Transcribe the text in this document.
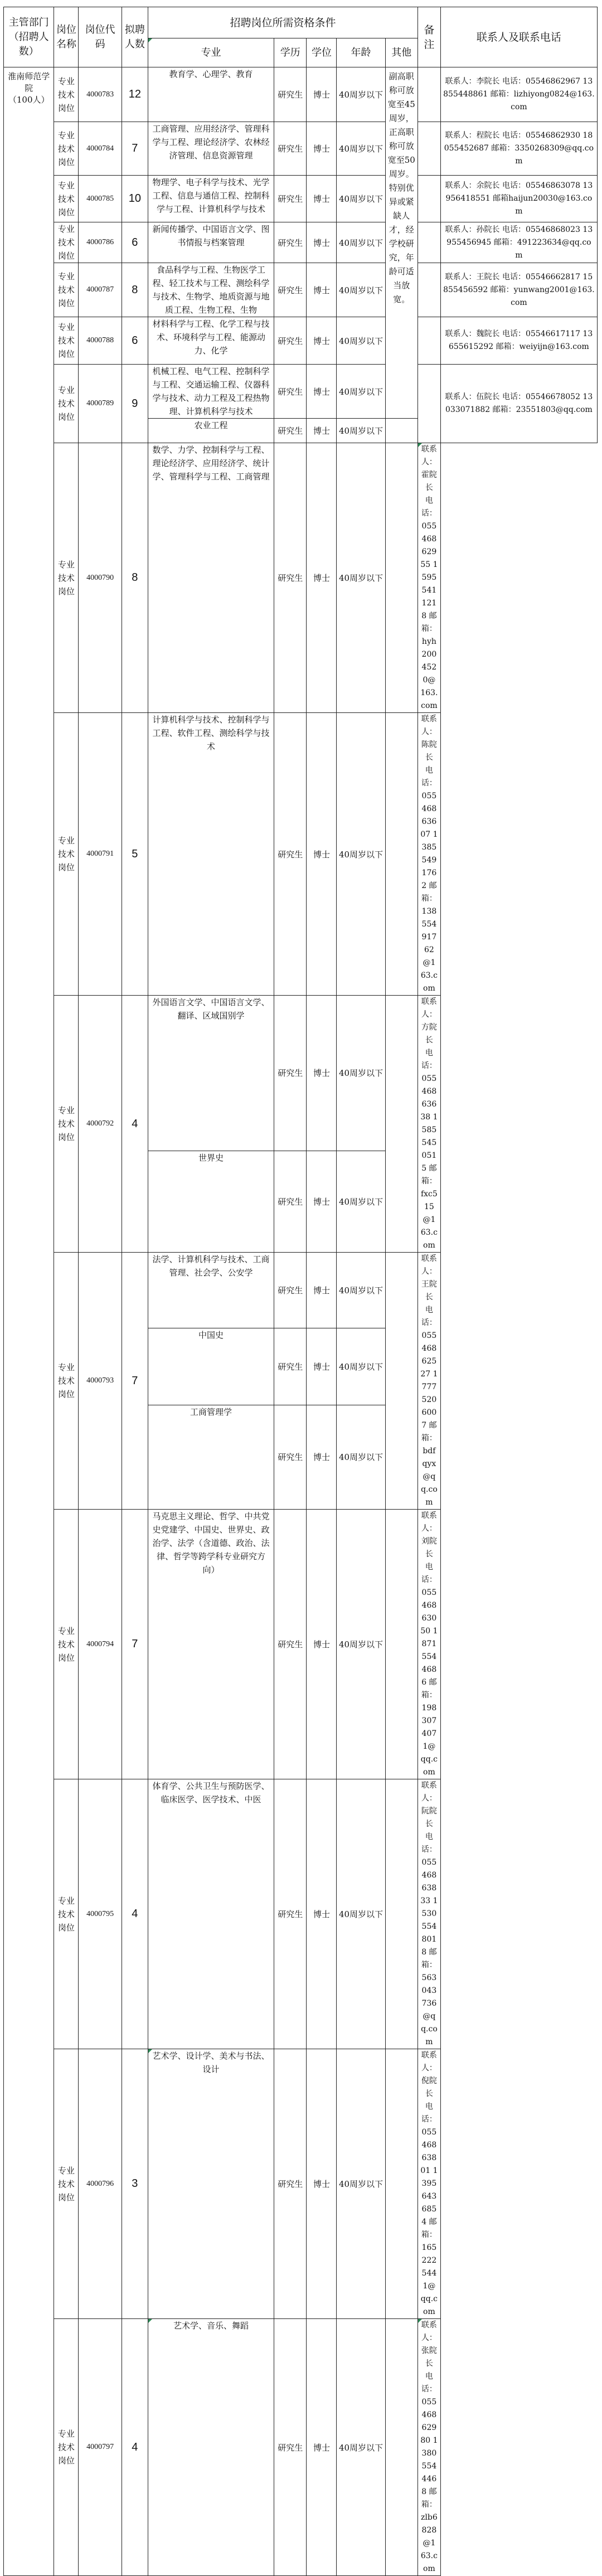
主管部门（招聘人数）	岗位名称	岗位代码	拟聘人数	招聘岗位所需资格条件					备注	联系人及联系电话
				专业	学历	学位	年龄	其他		

淮南师范学院
（100人）	专业技术岗位	4000783	12	教育学、心理学、教育	研究生	博士	40周岁以下	副高职称可放宽至45周岁，正高职称可放宽至50周岁。特别优异或紧缺人才，经学校研究，年龄可适当放宽。		联系人：李院长 电话：05546862967 13855448861 邮箱：lizhiyong0824@163.com
	专业技术岗位	4000784	7	工商管理、应用经济学、管理科学与工程、理论经济学、农林经济管理、信息资源管理	研究生	博士	40周岁以下			联系人：程院长 电话：05546862930 18055452687 邮箱：3350268309@qq.com
	专业技术岗位	4000785	10	物理学、电子科学与技术、光学工程、信息与通信工程、控制科学与工程、计算机科学与技术	研究生	博士	40周岁以下			联系人：余院长 电话：05546863078 13956418551 邮箱haijun20030@163.com
	专业技术岗位	4000786	6	新闻传播学、中国语言文学、图书情报与档案管理	研究生	博士	40周岁以下			联系人：孙院长 电话：05546868023 13955456945 邮箱：491223634@qq.com
	专业技术岗位	4000787	8	食品科学与工程、生物医学工程、轻工技术与工程、测绘科学与技术、生物学、地质资源与地质工程、生物工程、生物	研究生	博士	40周岁以下			联系人：王院长 电话：05546662817 15855456592 邮箱：yunwang2001@163.com
	专业技术岗位	4000788	6	材料科学与工程、化学工程与技术、环境科学与工程、能源动力、化学	研究生	博士	40周岁以下			联系人：魏院长 电话：05546617117 13655615292 邮箱：weiyijn@163.com
	专业技术岗位	4000789	9	机械工程、电气工程、控制科学与工程、交通运输工程、仪器科学与技术、动力工程及工程热物理、计算机科学与技术	研究生	博士	40周岁以下			联系人：伍院长 电话：05546678052 13033071882 邮箱：23551803@qq.com

				农业工程	研究生	博士	40周岁以下			
	专业技术岗位	4000790	8	数学、力学、控制科学与工程、理论经济学、应用经济学、统计学、管理科学与工程、工商管理	研究生	博士	40周岁以下		联系人：霍院长 电话：05546862955 15955411218 邮箱：hyh2004520@163.com	
	专业技术岗位	4000791	5	计算机科学与技术、控制科学与工程、软件工程、测绘科学与技术	研究生	博士	40周岁以下		联系人：陈院长 电话：05546863607 13855491762 邮箱：13855491762@163.com	
	专业技术岗位	4000792	4	外国语言文学、中国语言文学、翻译、区域国别学	研究生	博士	40周岁以下		联系人：方院长 电话：05546863638 15855450515 邮箱：fxc515@163.com	

				世界史	研究生	博士	40周岁以下			
	专业技术岗位	4000793	7	法学、计算机科学与技术、工商管理、社会学、公安学	研究生	博士	40周岁以下		联系人：王院长 电话：05546862527 17775206007 邮箱：bdfqyx@qq.com	

				中国史	研究生	博士	40周岁以下			

				工商管理学	研究生	博士	40周岁以下			
	专业技术岗位	4000794	7	马克思主义理论、哲学、中共党史党建学、中国史、世界史、政治学、法学（含道德、政治、法律、哲学等跨学科专业研究方向）	研究生	博士	40周岁以下		联系人：刘院长 电话：05546863050 18715544686 邮箱：1983074071@qq.com	
	专业技术岗位	4000795	4	体育学、公共卫生与预防医学、临床医学、医学技术、中医	研究生	博士	40周岁以下		联系人：阮院长 电话：05546863833 15305548018 邮箱：563043736@qq.com	
	专业技术岗位	4000796	3	艺术学、设计学、美术与书法、设计	研究生	博士	40周岁以下		联系人：倪院长 电话：05546863801 13956436854 邮箱：1652225441@qq.com	
	专业技术岗位	4000797	4	艺术学、音乐、舞蹈	研究生	博士	40周岁以下		联系人：张院长 电话：05546862980 13805544468 邮箱：zlb6828@163.com	
